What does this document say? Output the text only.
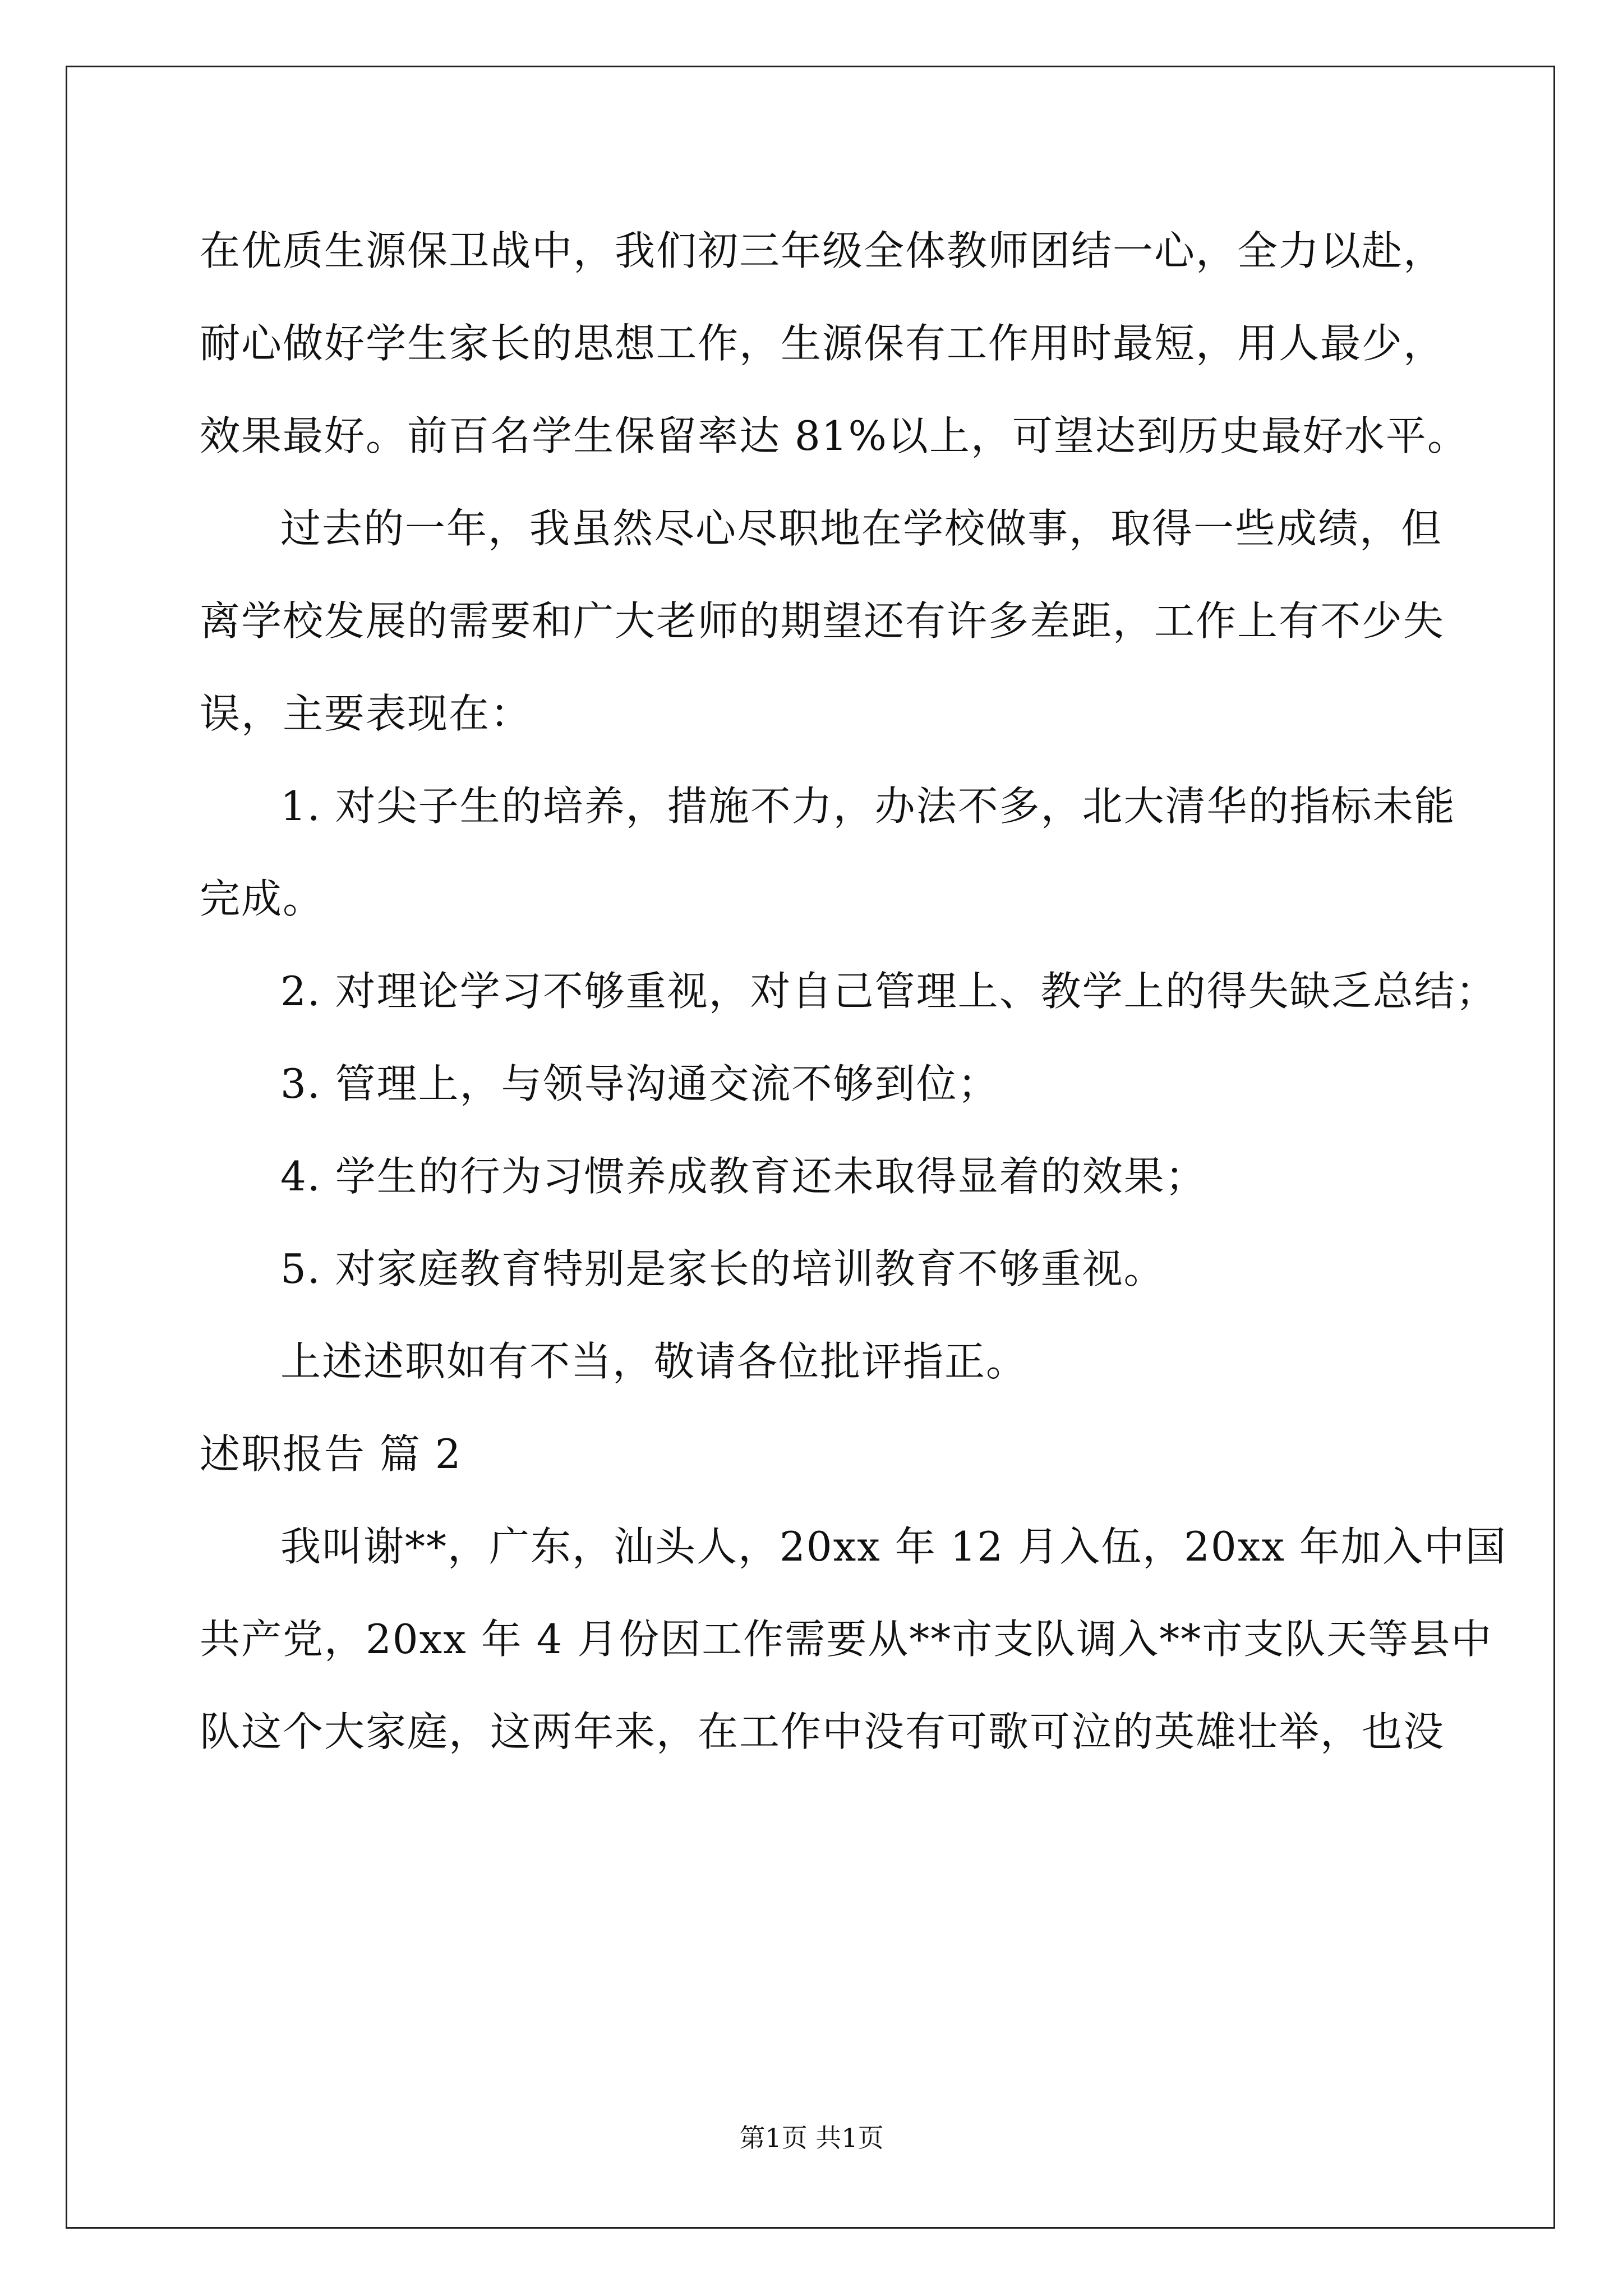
在优质生源保卫战中，我们初三年级全体教师团结一心，全力以赴，
耐心做好学生家长的思想工作，生源保有工作用时最短，用人最少，
效果最好。前百名学生保留率达 81%以上，可望达到历史最好水平。
过去的一年，我虽然尽心尽职地在学校做事，取得一些成绩，但
离学校发展的需要和广大老师的期望还有许多差距，工作上有不少失
误，主要表现在：
1. 对尖子生的培养，措施不力，办法不多，北大清华的指标未能
完成。
2. 对理论学习不够重视，对自己管理上、教学上的得失缺乏总结；
3. 管理上，与领导沟通交流不够到位；
4. 学生的行为习惯养成教育还未取得显着的效果；
5. 对家庭教育特别是家长的培训教育不够重视。
上述述职如有不当，敬请各位批评指正。
述职报告 篇 2
我叫谢**，广东，汕头人，20xx 年 12 月入伍，20xx 年加入中国
共产党，20xx 年 4 月份因工作需要从**市支队调入**市支队天等县中
队这个大家庭，这两年来，在工作中没有可歌可泣的英雄壮举，也没
第1页 共1页
